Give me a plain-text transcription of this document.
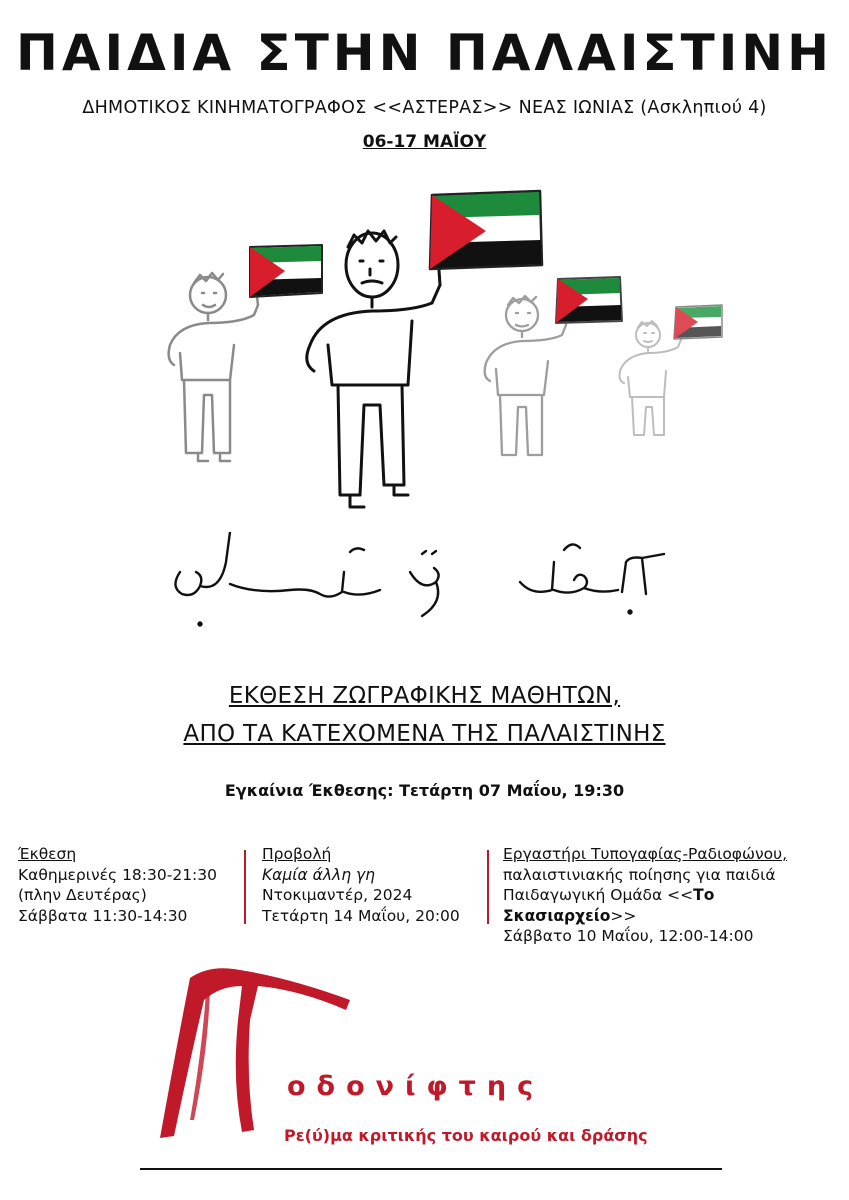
ΠΑΙΔΙΑ ΣΤΗΝ ΠΑΛΑΙΣΤΙΝΗ
ΔΗΜΟΤΙΚΟΣ ΚΙΝΗΜΑΤΟΓΡΑΦΟΣ <<ΑΣΤΕΡΑΣ>> ΝΕΑΣ ΙΩΝΙΑΣ (Ασκληπιού 4)
06-17 ΜΑΪΟΥ
ΕΚΘΕΣΗ ΖΩΓΡΑΦΙΚΗΣ ΜΑΘΗΤΩΝ,
ΑΠΟ ΤΑ ΚΑΤΕΧΟΜΕΝΑ ΤΗΣ ΠΑΛΑΙΣΤΙΝΗΣ
Εγκαίνια Έκθεσης: Τετάρτη 07 Μαΐου, 19:30
Έκθεση
Καθημερινές 18:30-21:30
(πλην Δευτέρας)
Σάββατα 11:30-14:30
Προβολή
Καμία άλλη γη
Ντοκιμαντέρ, 2024
Τετάρτη 14 Μαΐου, 20:00
Εργαστήρι Τυπογαφίας-Ραδιοφώνου,
παλαιστινιακής ποίησης για παιδιά
Παιδαγωγική Ομάδα <<Το Σκασιαρχείο>>
Σάββατο 10 Μαΐου, 12:00-14:00
οδονίφτης
Ρε(ύ)μα κριτικής του καιρού και δράσης
